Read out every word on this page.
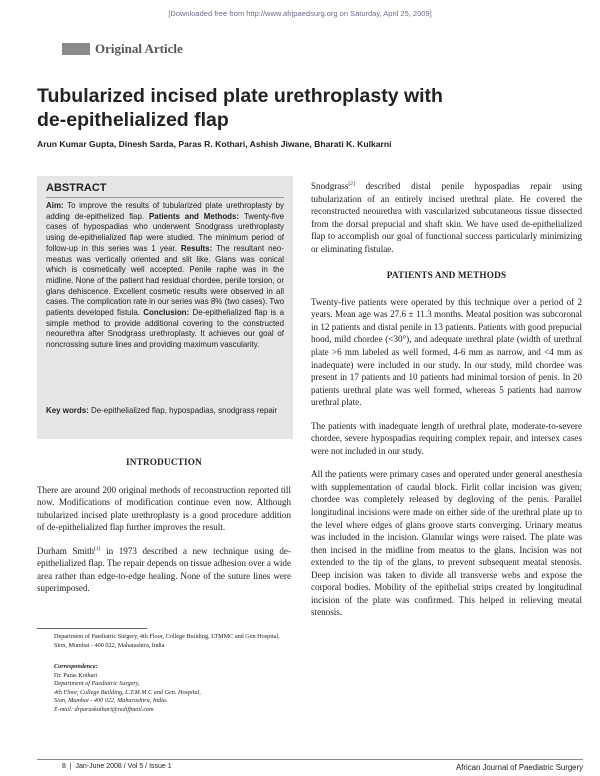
[Downloaded free from http://www.afrjpaedsurg.org on Saturday, April 25, 2009]
Original Article
Tubularized incised plate urethroplasty with
de-epithelialized flap
Arun Kumar Gupta, Dinesh Sarda, Paras R. Kothari, Ashish Jiwane, Bharati K. Kulkarni
ABSTRACT

Aim: To improve the results of tubularized plate urethroplasty by adding de-epithelized flap. Patients and Methods: Twenty-five cases of hypospadias who underwent Snodgrass urethroplasty using de-epithelialized flap were studied. The minimum period of follow-up in this series was 1 year. Results: The resultant neo-meatus was vertically oriented and slit like. Glans was conical which is cosmetically well accepted. Penile raphe was in the midline. None of the patient had residual chordee, penile torsion, or glans dehiscence. Excellent cosmetic results were observed in all cases. The complication rate in our series was 8% (two cases). Two patients developed fistula. Conclusion: De-epithelialized flap is a simple method to provide additional covering to the constructed neourethra after Snodgrass urethroplasty. It achieves our goal of noncrossing suture lines and providing maximum vascularity.

Key words: De-epithelialized flap, hypospadias, snodgrass repair
INTRODUCTION

There are around 200 original methods of reconstruction reported till now. Modifications of modification continue even now. Although tubularized incised plate urethroplasty is a good procedure addition of de-epithelialized flap further improves the result.

Durham Smith[1] in 1973 described a new technique using de-epithelialized flap. The repair depends on tissue adhesion over a wide area rather than edge-to-edge healing. None of the suture lines were superimposed.

Department of Paediatric Surgery, 4th Floor, College Building, LTMMC and Gen Hospital, Sion, Mumbai - 400 022, Maharashtra, India

Correspondence:

Dr. Paras Kothari

Department of Paediatric Surgery,

4th Floor, College Building, L.T.M.M.C and Gen. Hospital,

Sion, Mumbai - 400 022, Maharashtra, India.

E-mail: drparaskothari@rediffmail.com

Snodgrass[2] described distal penile hypospadias repair using tubularization of an entirely incised urethral plate. He covered the reconstructed neourethra with vascularized subcutaneous tissue dissected from the dorsal prepucial and shaft skin. We have used de-epithelialized flap to accomplish our goal of functional success particularly minimizing or eliminating fistulae.

PATIENTS AND METHODS

Twenty-five patients were operated by this technique over a period of 2 years. Mean age was 27.6 ± 11.3 months. Meatal position was subcoronal in 12 patients and distal penile in 13 patients. Patients with good prepucial hood, mild chordee (<30°), and adequate urethral plate (width of urethral plate >6 mm labeled as well formed, 4-6 mm as narrow, and <4 mm as inadequate) were included in our study. In our study, mild chordee was present in 17 patients and 10 patients had minimal torsion of penis. In 20 patients urethral plate was well formed, whereas 5 patients had narrow urethral plate.

The patients with inadequate length of urethral plate, moderate-to-severe chordee, severe hypospadias requiring complex repair, and intersex cases were not included in our study.

All the patients were primary cases and operated under general anesthesia with supplementation of caudal block. Firlit collar incision was given; chordee was completely released by degloving of the penis. Parallel longitudinal incisions were made on either side of the urethral plate up to the level where edges of glans groove starts converging. Urinary meatus was included in the incision. Glanular wings were raised. The plate was then incised in the midline from meatus to the glans. Incision was not extended to the tip of the glans, to prevent subsequent meatal stenosis. Deep incision was taken to divide all transverse webs and expose the corporal bodies. Mobility of the epithelial strips created by longitudinal incision of the plate was confirmed. This helped in relieving meatal stenosis.

8  |  Jan-June 2008 / Vol 5 / Issue 1	African Journal of Paediatric Surgery
